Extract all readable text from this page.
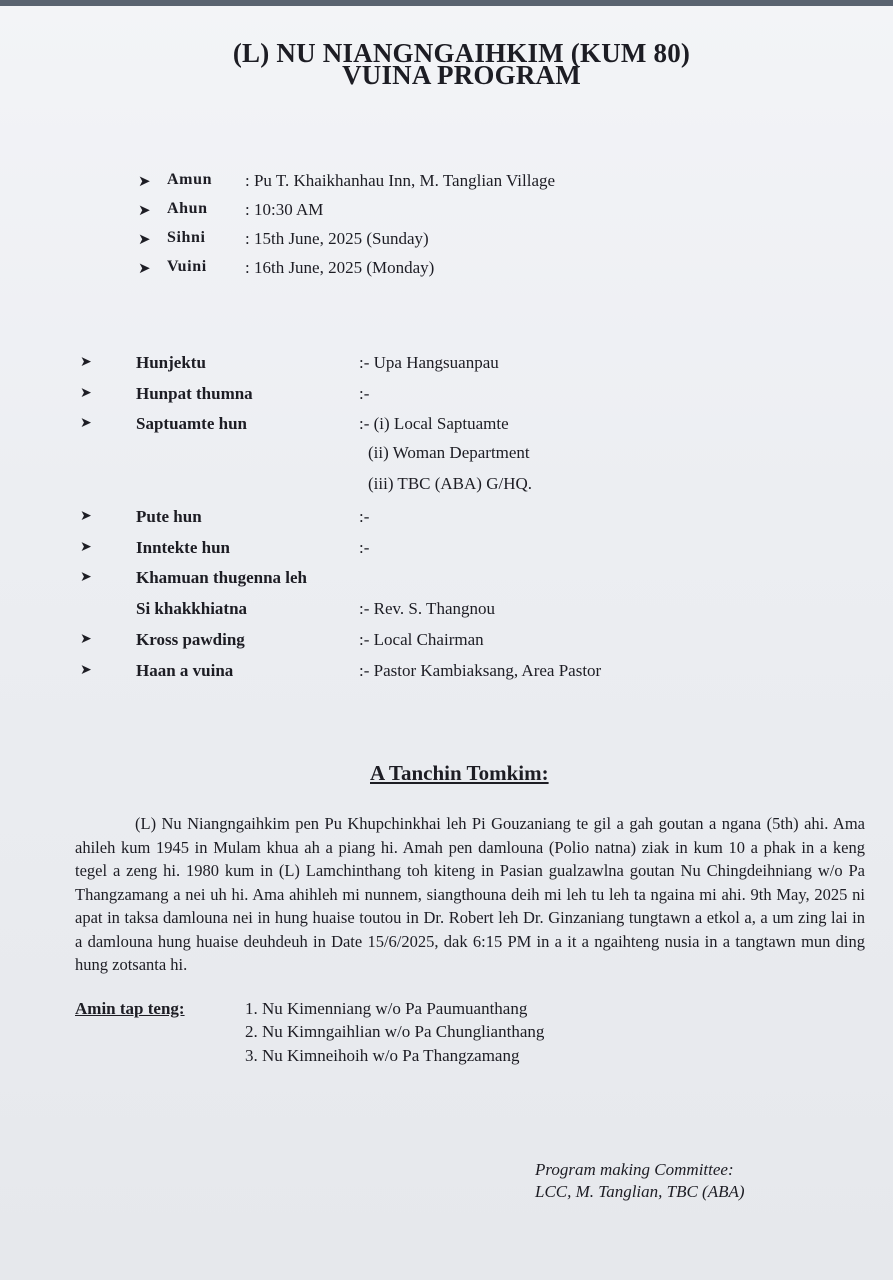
(L) NU NIANGNGAIHKIM (KUM 80)
VUINA PROGRAM
➤ Amun : Pu T. Khaikhanhau Inn, M. Tanglian Village
➤ Ahun : 10:30 AM
➤ Sihni : 15th June, 2025 (Sunday)
➤ Vuini : 16th June, 2025 (Monday)
➤	Hunjektu	:- Upa Hangsuanpau
➤	Hunpat thumna	:-
➤	Saptuamte hun	:- (i) Local Saptuamte
(ii) Woman Department
(iii) TBC (ABA) G/HQ.
➤	Pute hun	:-
➤	Inntekte hun	:-
➤	Khamuan thugenna leh
Si khakkhiatna	:- Rev. S. Thangnou
➤	Kross pawding	:- Local Chairman
➤	Haan a vuina	:- Pastor Kambiaksang, Area Pastor
A Tanchin Tomkim:
(L) Nu Niangngaihkim pen Pu Khupchinkhai leh Pi Gouzaniang te gil a gah goutan a ngana (5th) ahi. Ama ahileh kum 1945 in Mulam khua ah a piang hi. Amah pen damlouna (Polio natna) ziak in kum 10 a phak in a keng tegel a zeng hi. 1980 kum in (L) Lamchinthang toh kiteng in Pasian gualzawlna goutan Nu Chingdeihniang w/o Pa Thangzamang a nei uh hi. Ama ahihleh mi nunnem, siangthouna deih mi leh tu leh ta ngaina mi ahi. 9th May, 2025 ni apat in taksa damlouna nei in hung huaise toutou in Dr. Robert leh Dr. Ginzaniang tungtawn a etkol a, a um zing lai in a damlouna hung huaise deuhdeuh in Date 15/6/2025, dak 6:15 PM in a it a ngaihteng nusia in a tangtawn mun ding hung zotsanta hi.
Amin tap teng:	1. Nu Kimenniang w/o Pa Paumuanthang
2. Nu Kimngaihlian w/o Pa Chunglianthang
3. Nu Kimneihoih w/o Pa Thangzamang
Program making Committee:
LCC, M. Tanglian, TBC (ABA)
